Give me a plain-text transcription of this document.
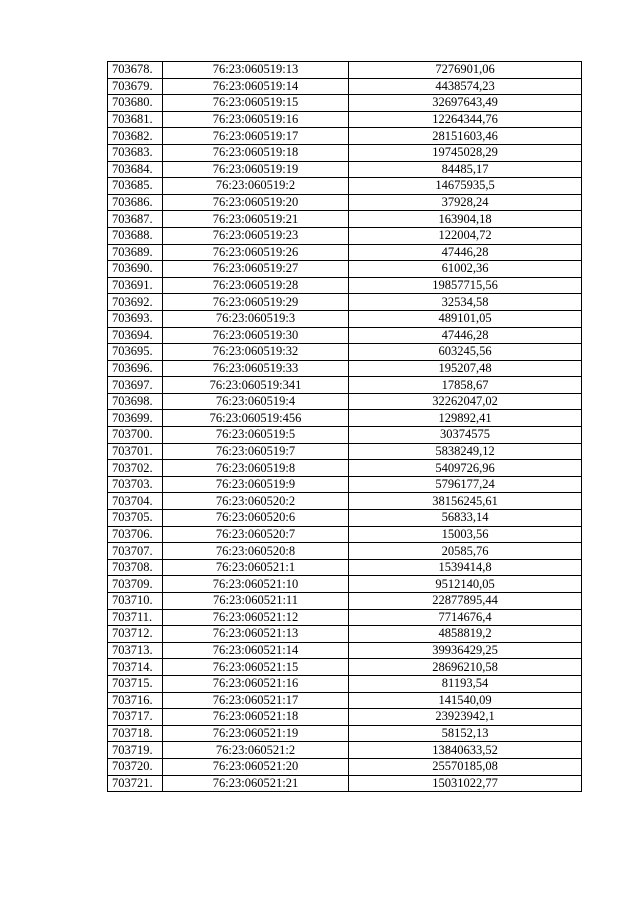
703678.	76:23:060519:13	7276901,06
703679.	76:23:060519:14	4438574,23
703680.	76:23:060519:15	32697643,49
703681.	76:23:060519:16	12264344,76
703682.	76:23:060519:17	28151603,46
703683.	76:23:060519:18	19745028,29
703684.	76:23:060519:19	84485,17
703685.	76:23:060519:2	14675935,5
703686.	76:23:060519:20	37928,24
703687.	76:23:060519:21	163904,18
703688.	76:23:060519:23	122004,72
703689.	76:23:060519:26	47446,28
703690.	76:23:060519:27	61002,36
703691.	76:23:060519:28	19857715,56
703692.	76:23:060519:29	32534,58
703693.	76:23:060519:3	489101,05
703694.	76:23:060519:30	47446,28
703695.	76:23:060519:32	603245,56
703696.	76:23:060519:33	195207,48
703697.	76:23:060519:341	17858,67
703698.	76:23:060519:4	32262047,02
703699.	76:23:060519:456	129892,41
703700.	76:23:060519:5	30374575
703701.	76:23:060519:7	5838249,12
703702.	76:23:060519:8	5409726,96
703703.	76:23:060519:9	5796177,24
703704.	76:23:060520:2	38156245,61
703705.	76:23:060520:6	56833,14
703706.	76:23:060520:7	15003,56
703707.	76:23:060520:8	20585,76
703708.	76:23:060521:1	1539414,8
703709.	76:23:060521:10	9512140,05
703710.	76:23:060521:11	22877895,44
703711.	76:23:060521:12	7714676,4
703712.	76:23:060521:13	4858819,2
703713.	76:23:060521:14	39936429,25
703714.	76:23:060521:15	28696210,58
703715.	76:23:060521:16	81193,54
703716.	76:23:060521:17	141540,09
703717.	76:23:060521:18	23923942,1
703718.	76:23:060521:19	58152,13
703719.	76:23:060521:2	13840633,52
703720.	76:23:060521:20	25570185,08
703721.	76:23:060521:21	15031022,77
